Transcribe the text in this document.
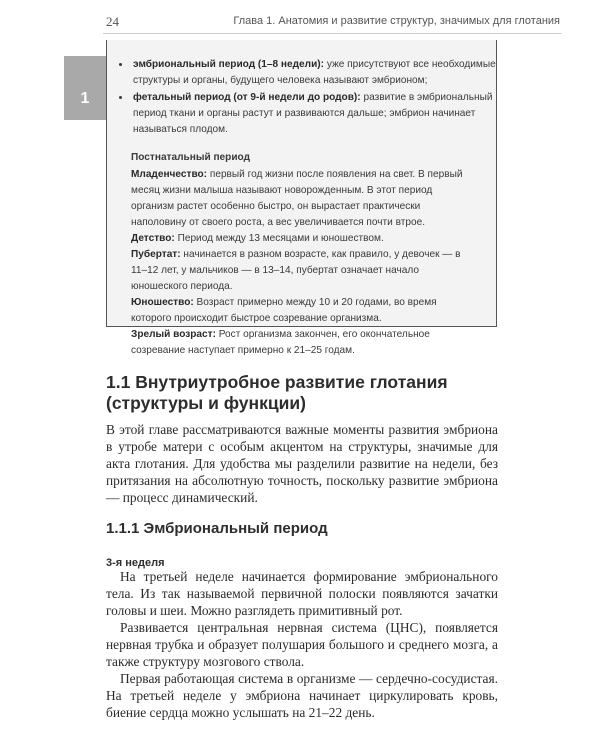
24	Глава 1. Анатомия и развитие структур, значимых для глотания
1
• эмбриональный период (1–8 недели): уже присутствуют все необходимые структуры и органы, будущего человека называют эмбрионом;
• фетальный период (от 9-й недели до родов): развитие в эмбриональный период ткани и органы растут и развиваются дальше; эмбрион начинает называться плодом.

Постнатальный период

Младенчество: первый год жизни после появления на свет. В первый месяц жизни малыша называют новорожденным. В этот период организм растет особенно быстро, он вырастает практически наполовину от своего роста, а вес увеличивается почти втрое.

Детство: Период между 13 месяцами и юношеством.

Пубертат: начинается в разном возрасте, как правило, у девочек — в 11–12 лет, у мальчиков — в 13–14, пубертат означает начало юношеского периода.

Юношество: Возраст примерно между 10 и 20 годами, во время которого происходит быстрое созревание организма.

Зрелый возраст: Рост организма закончен, его окончательное созревание наступает примерно к 21–25 годам.

1.1 Внутриутробное развитие глотания (структуры и функции)
В этой главе рассматриваются важные моменты развития эмбриона в утробе матери с особым акцентом на структуры, значимые для акта глотания. Для удобства мы разделили развитие на недели, без притязания на абсолютную точность, поскольку развитие эмбриона — процесс динамический.
1.1.1 Эмбриональный период
3-я неделя

На третьей неделе начинается формирование эмбрионального тела. Из так называемой первичной полоски появляются зачатки головы и шеи. Можно разглядеть примитивный рот.

Развивается центральная нервная система (ЦНС), появляется нервная трубка и образует полушария большого и среднего мозга, а также структуру мозгового ствола.

Первая работающая система в организме — сердечно-сосудистая. На третьей неделе у эмбриона начинает циркулировать кровь, биение сердца можно услышать на 21–22 день.
